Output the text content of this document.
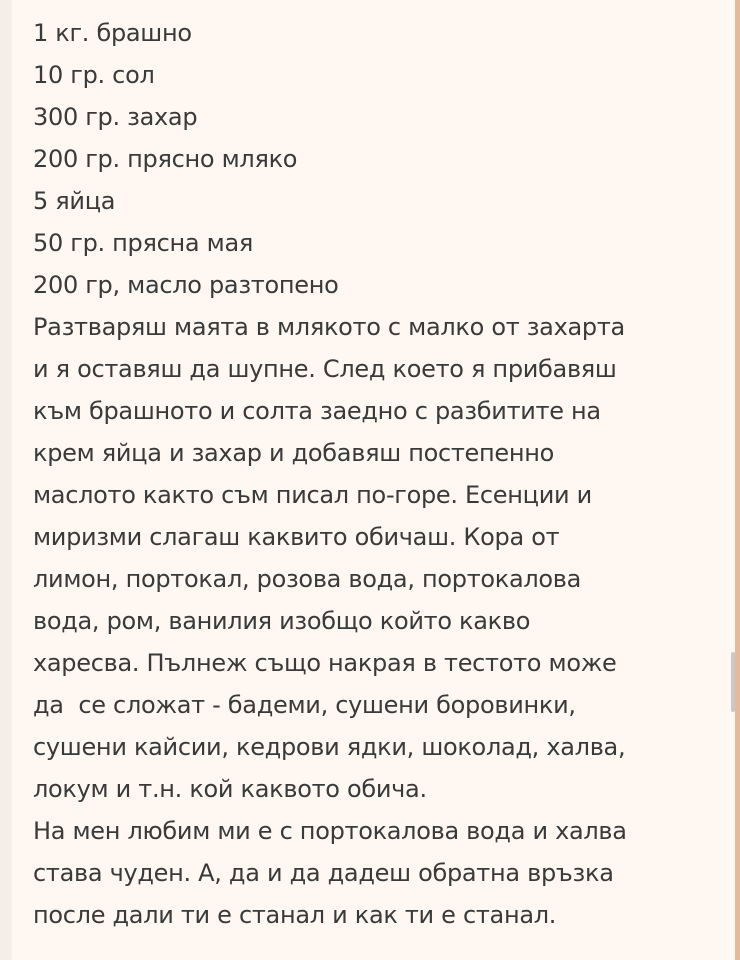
1 кг. брашно
10 гр. сол
300 гр. захар
200 гр. прясно мляко
5 яйца
50 гр. прясна мая
200 гр, масло разтопено
Разтваряш маята в млякото с малко от захарта
и я оставяш да шупне. След което я прибавяш
към брашното и солта заедно с разбитите на
крем яйца и захар и добавяш постепенно
маслото както съм писал по-горе. Есенции и
миризми слагаш каквито обичаш. Кора от
лимон, портокал, розова вода, портокалова
вода, ром, ванилия изобщо който какво
харесва. Пълнеж също накрая в тестото може
да  се сложат - бадеми, сушени боровинки,
сушени кайсии, кедрови ядки, шоколад, халва,
локум и т.н. кой каквото обича.
На мен любим ми е с портокалова вода и халва
става чуден. А, да и да дадеш обратна връзка
после дали ти е станал и как ти е станал.
